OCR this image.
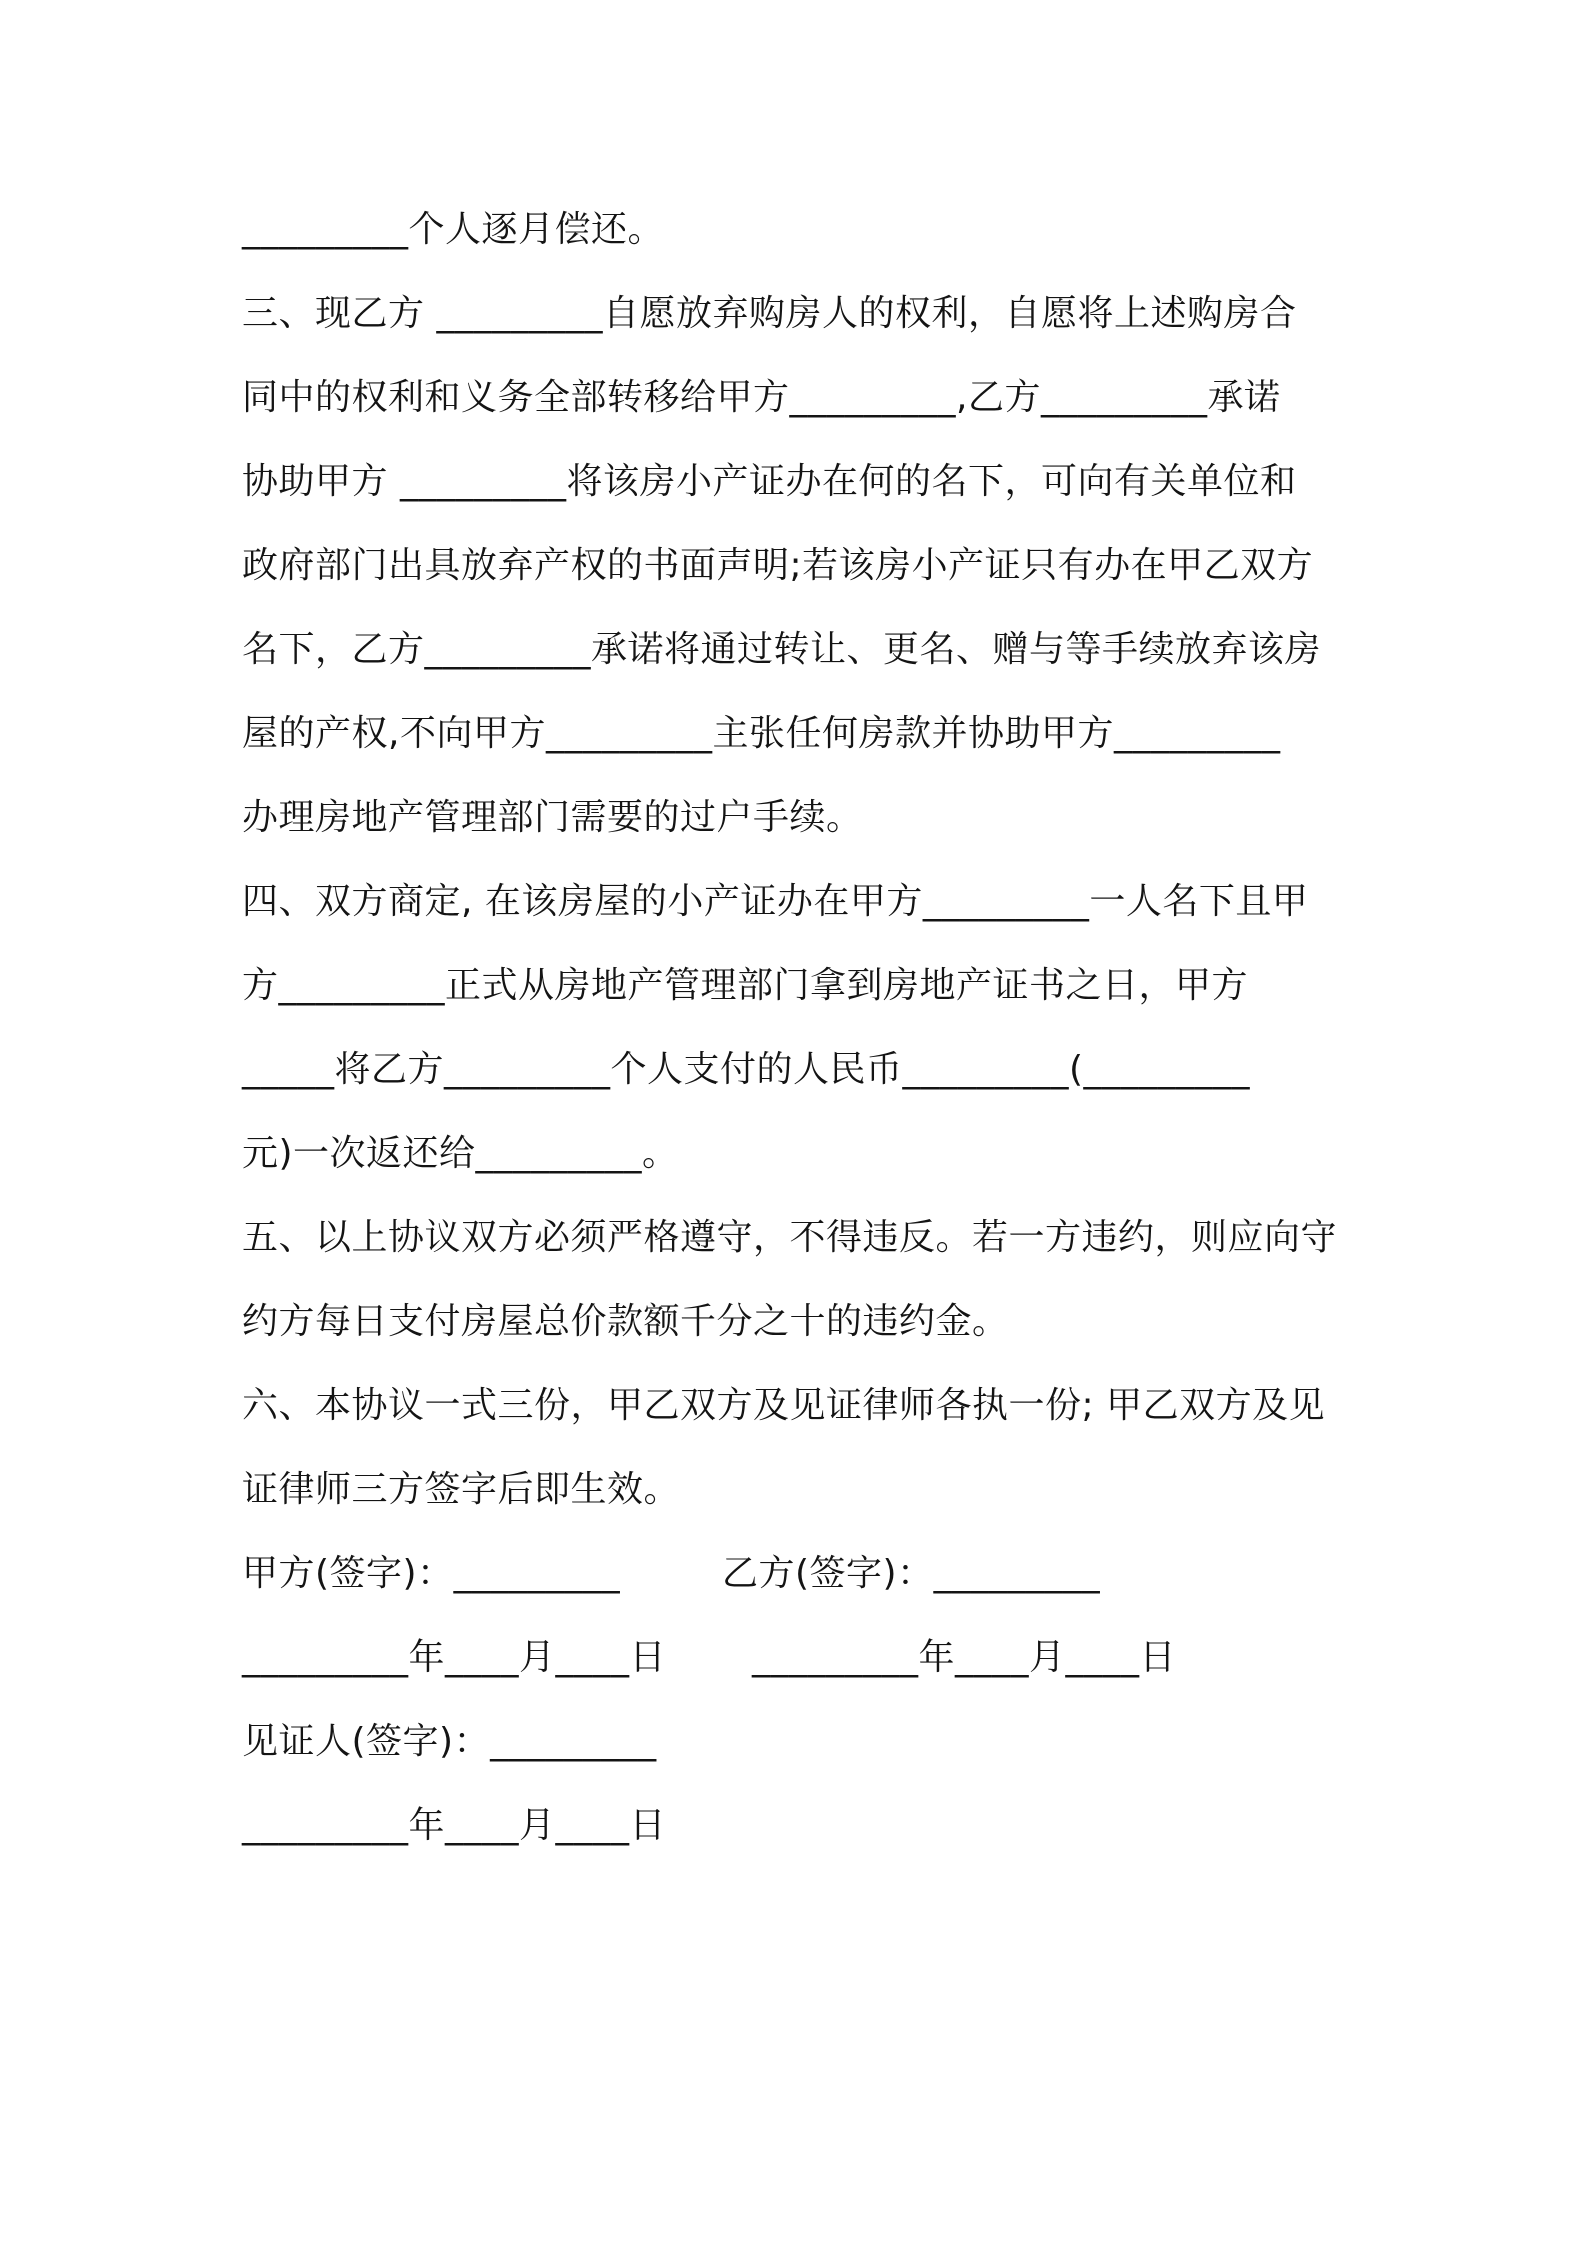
_________个人逐月偿还。
三、现乙方 _________自愿放弃购房人的权利，自愿将上述购房合
同中的权利和义务全部转移给甲方_________,乙方_________承诺
协助甲方 _________将该房小产证办在何的名下，可向有关单位和
政府部门出具放弃产权的书面声明;若该房小产证只有办在甲乙双方
名下，乙方_________承诺将通过转让、更名、赠与等手续放弃该房
屋的产权,不向甲方_________主张任何房款并协助甲方_________
办理房地产管理部门需要的过户手续。
四、双方商定, 在该房屋的小产证办在甲方_________一人名下且甲
方_________正式从房地产管理部门拿到房地产证书之日，甲方
_____将乙方_________个人支付的人民币_________(_________
元)一次返还给_________。
五、以上协议双方必须严格遵守，不得违反。若一方违约，则应向守
约方每日支付房屋总价款额千分之十的违约金。
六、本协议一式三份，甲乙双方及见证律师各执一份; 甲乙双方及见
证律师三方签字后即生效。
甲方(签字)：_________	乙方(签字)：_________
_________年____月____日 _________年____月____日
见证人(签字)：_________
_________年____月____日
